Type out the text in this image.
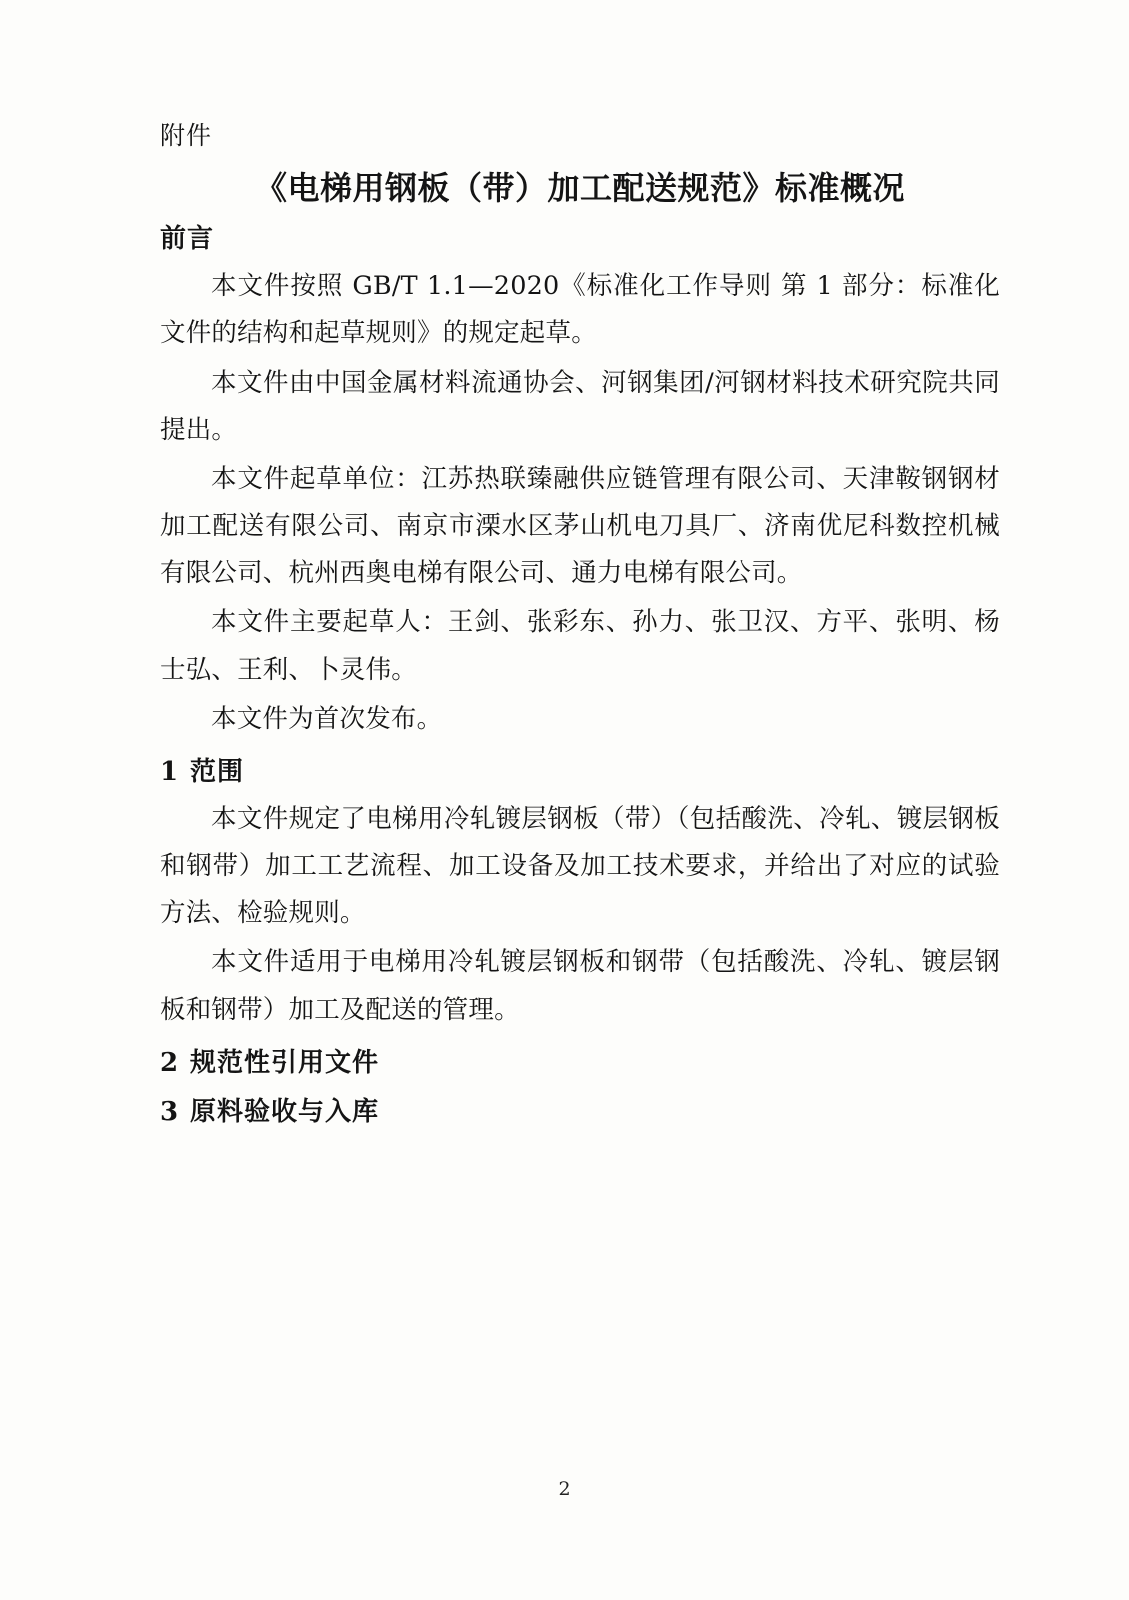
附件
《电梯用钢板（带）加工配送规范》标准概况
前言

本文件按照 GB/T 1.1—2020《标准化工作导则 第 1 部分：标准化文件的结构和起草规则》的规定起草。

本文件由中国金属材料流通协会、河钢集团/河钢材料技术研究院共同提出。

本文件起草单位：江苏热联臻融供应链管理有限公司、天津鞍钢钢材加工配送有限公司、南京市溧水区茅山机电刀具厂、济南优尼科数控机械有限公司、杭州西奥电梯有限公司、通力电梯有限公司。

本文件主要起草人：王剑、张彩东、孙力、张卫汉、方平、张明、杨士弘、王利、卜灵伟。

本文件为首次发布。

1 范围

本文件规定了电梯用冷轧镀层钢板（带）（包括酸洗、冷轧、镀层钢板和钢带）加工工艺流程、加工设备及加工技术要求，并给出了对应的试验方法、检验规则。

本文件适用于电梯用冷轧镀层钢板和钢带（包括酸洗、冷轧、镀层钢板和钢带）加工及配送的管理。

2 规范性引用文件
3 原料验收与入库
2
